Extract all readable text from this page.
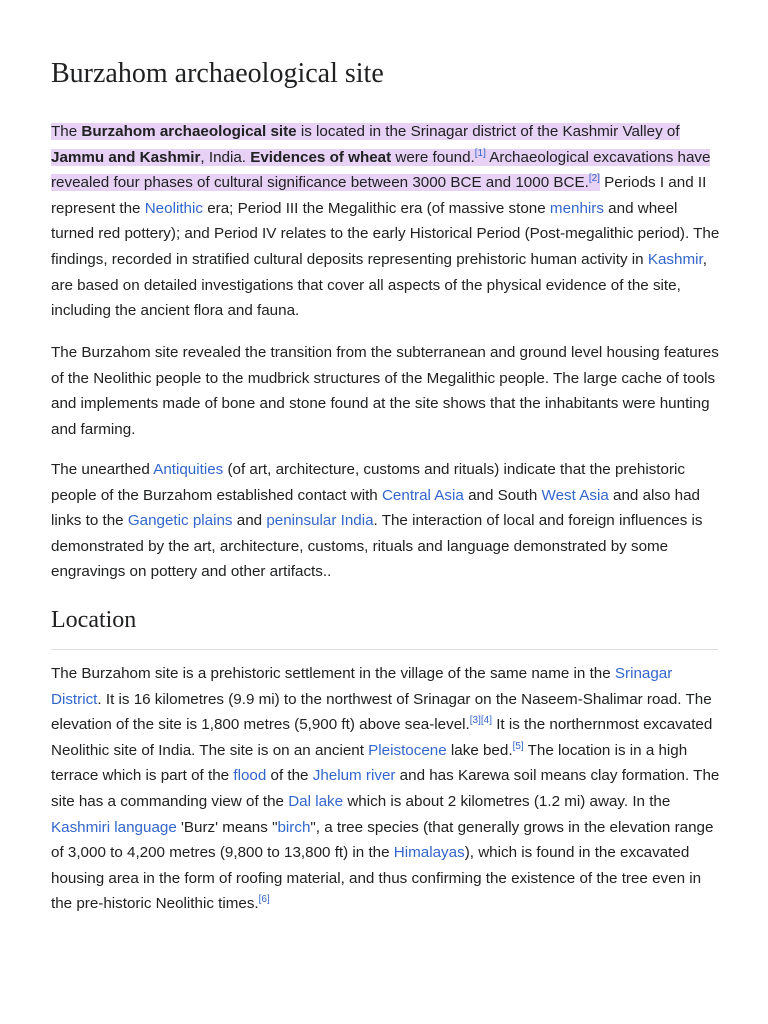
Burzahom archaeological site

The Burzahom archaeological site is located in the Srinagar district of the Kashmir Valley of Jammu and Kashmir, India. Evidences of wheat were found.[1] Archaeological excavations have revealed four phases of cultural significance between 3000 BCE and 1000 BCE.[2] Periods I and II represent the Neolithic era; Period III the Megalithic era (of massive stone menhirs and wheel turned red pottery); and Period IV relates to the early Historical Period (Post-megalithic period). The findings, recorded in stratified cultural deposits representing prehistoric human activity in Kashmir, are based on detailed investigations that cover all aspects of the physical evidence of the site, including the ancient flora and fauna.

The Burzahom site revealed the transition from the subterranean and ground level housing features of the Neolithic people to the mudbrick structures of the Megalithic people. The large cache of tools and implements made of bone and stone found at the site shows that the inhabitants were hunting and farming.

The unearthed Antiquities (of art, architecture, customs and rituals) indicate that the prehistoric people of the Burzahom established contact with Central Asia and South West Asia and also had links to the Gangetic plains and peninsular India. The interaction of local and foreign influences is demonstrated by the art, architecture, customs, rituals and language demonstrated by some engravings on pottery and other artifacts..

Location

The Burzahom site is a prehistoric settlement in the village of the same name in the Srinagar District. It is 16 kilometres (9.9 mi) to the northwest of Srinagar on the Naseem-Shalimar road. The elevation of the site is 1,800 metres (5,900 ft) above sea-level.[3][4] It is the northernmost excavated Neolithic site of India. The site is on an ancient Pleistocene lake bed.[5] The location is in a high terrace which is part of the flood of the Jhelum river and has Karewa soil means clay formation. The site has a commanding view of the Dal lake which is about 2 kilometres (1.2 mi) away. In the Kashmiri language 'Burz' means "birch", a tree species (that generally grows in the elevation range of 3,000 to 4,200 metres (9,800 to 13,800 ft) in the Himalayas), which is found in the excavated housing area in the form of roofing material, and thus confirming the existence of the tree even in the pre-historic Neolithic times.[6]
